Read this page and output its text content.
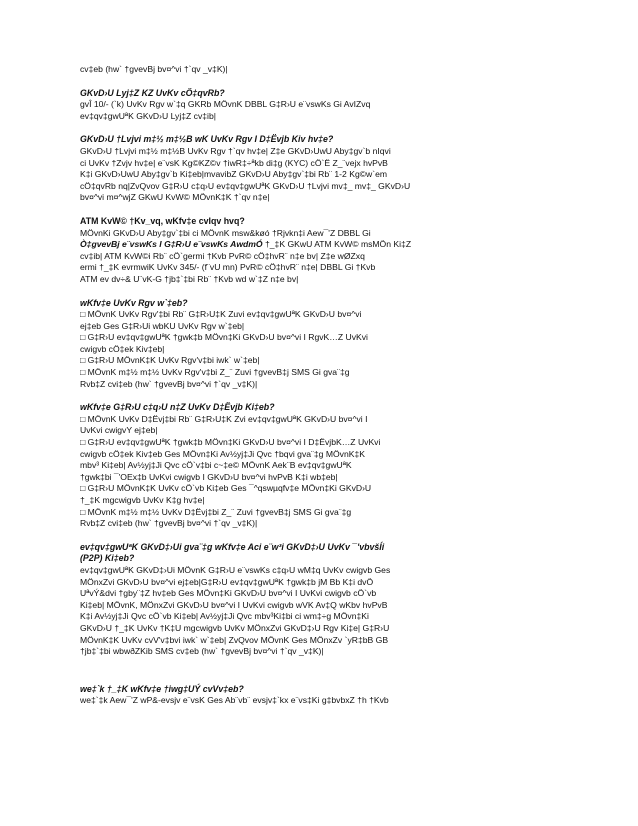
cv‡eb (hw` †gvevBj bv¤^vi †`qv _v‡K)|

GKvD›U Lyj‡Z KZ UvKv cÖ‡qvRb?

gvÎ 10/- (`k) UvKv Rgv w`‡q GKRb MÖvnK DBBL G‡R›U e¨vswKs Gi AvIZvq
ev‡qv‡gwUªK GKvD›U Lyj‡Z cv‡ib|

GKvD›U †Lvjvi m‡½ m‡½B wK UvKv Rgv I D‡Ëvjb Kiv hv‡e?

GKvD›U †Lvjvi m‡½ m‡½B UvKv Rgv †`qv hv‡e| Z‡e GKvD›UwU Aby‡gv`b nIqvi
ci UvKv †Zvjv hv‡e| e¨vsK Kg©KZ©v †iwR‡÷ªkb di‡g (KYC) cÖ`Ë Z_¨vejx hvPvB
K‡i GKvD›UwU Aby‡gv`b Ki‡eb|mvavibZ GKvD›U Aby‡gv`‡bi Rb¨ 1-2 Kg©w`em
cÖ‡qvRb nq|ZvQvov G‡R›U c‡q›U ev‡qv‡gwUªK GKvD›U †Lvjvi mv‡_ mv‡_ GKvD›U
bv¤^vi m¤^wjZ GKwU KvW© MÖvnK‡K †`qv n‡e|

ATM KvW© †Kv_vq, wKfv‡e cvIqv hvq?

MÖvnKi GKvD›U Aby‡gv`‡bi ci MÖvnK msw&køó †Rjvkn‡i Aew¯'Z DBBL Gi
Ò‡gvevBj e¨vswKs I G‡R›U e¨vswKs AwdmÓ †_‡K GKwU ATM KvW© msMÖn Ki‡Z
cv‡ib| ATM KvW©i Rb¨ cÖ`germi †Kvb PvR© cÖ‡hvR¨ n‡e bv| Z‡e wØZxq
ermi †_‡K evrmwiK UvKv 345/- (f¨vU mn) PvR© cÖ‡hvR¨ n‡e| DBBL Gi †Kvb
ATM ev dv÷& U¨vK-G †jb‡`‡bi Rb¨ †Kvb wd w`‡Z n‡e bv|

wKfv‡e UvKv Rgv w`‡eb?

□ MÖvnK UvKv Rgv'‡bi Rb¨ G‡R›U‡K Zuvi ev‡qv‡gwUªK GKvD›U bv¤^vi
ej‡eb Ges G‡R›Ui wbKU UvKv Rgv w`‡eb|
□ G‡R›U ev‡qv‡gwUªK †gwk‡b MÖvn‡Ki GKvD›U bv¤^vi I RgvK…Z UvKvi
cwigvb cÖ‡ek Kiv‡eb|
□ G‡R›U MÖvnK‡K UvKv Rgv'v‡bi iwk` w`‡eb|
□ MÖvnK m‡½ m‡½ UvKv Rgv'v‡bi Z_¨ Zuvi †gvevB‡j SMS Gi gva¨‡g
Rvb‡Z cvi‡eb (hw` †gvevBj bv¤^vi †`qv _v‡K)|

wKfv‡e G‡R›U c‡q›U n‡Z UvKv D‡Ëvjb Ki‡eb?

□ MÖvnK UvKv D‡Ëvj‡bi Rb¨ G‡R›U‡K Zvi ev‡qv‡gwUªK GKvD›U bv¤^vi I
UvKvi cwigvY ej‡eb|
□ G‡R›U ev‡qv‡gwUªK †gwk‡b MÖvn‡Ki GKvD›U bv¤^vi I D‡ËvjbK…Z UvKvi
cwigvb cÖ‡ek Kiv‡eb Ges MÖvn‡Ki Av½yj‡Ji Qvc †bqvi gva¨‡g MÖvnK‡K
mbv³ Ki‡eb| Av½yj‡Ji Qvc cÖ`v‡bi c~‡e© MÖvnK Aek¨B ev‡qv‡gwUªK
†gwk‡bi ¯'OEx‡b UvKvi cwigvb I GKvD›U bv¤^vi hvPvB K‡i wb‡eb|
□ G‡R›U MÖvnK‡K UvKv cÖ`vb Ki‡eb Ges ¯^qswµqfv‡e MÖvn‡Ki GKvD›U
†_‡K mgcwigvb UvKv K‡g hv‡e|
□ MÖvnK m‡½ m‡½ UvKv D‡Ëvj‡bi Z_¨ Zuvi †gvevB‡j SMS Gi gva¨‡g
Rvb‡Z cvi‡eb (hw` †gvevBj bv¤^vi †`qv _v‡K)|

ev‡qv‡gwUªK GKvD‡›Ui gva¨‡g wKfv‡e Aci e¨w³i GKvD‡›U UvKv ¯'vbvšÍi

(P2P) Ki‡eb?

ev‡qv‡gwUªK GKvD‡›Ui MÖvnK G‡R›U e¨vswKs c‡q›U wM‡q UvKv cwigvb Ges
MÖnxZvi GKvD›U bv¤^vi ej‡eb|G‡R›U ev‡qv‡gwUªK †gwk‡b jM Bb K‡i dvÖ
UªvÝ&dvi †gby¨‡Z hv‡eb Ges MÖvn‡Ki GKvD›U bv¤^vi I UvKvi cwigvb cÖ`vb
Ki‡eb| MÖvnK, MÖnxZvi GKvD›U bv¤^vi I UvKvi cwigvb wVK Av‡Q wKbv hvPvB
K‡i Av½yj‡Ji Qvc cÖ`vb Ki‡eb| Av½yj‡Ji Qvc mbv³Ki‡bi ci wm‡÷g MÖvn‡Ki
GKvD›U †_‡K UvKv †K‡U mgcwigvb UvKv MÖnxZvi GKvD‡›U Rgv Ki‡e| G‡R›U
MÖvnK‡K UvKv cvV'v‡bvi iwk` w`‡eb| ZvQvov MÖvnK Ges MÖnxZv `yR‡bB GB
†jb‡`‡bi wbwðZKib SMS cv‡eb (hw` †gvevBj bv¤^vi †`qv _v‡K)|

we‡`k †_‡K wKfv‡e †iwg‡UÝ cvVv‡eb?

we‡`‡k Aew¯'Z wP&-evsjv e¨vsK Ges Ab¨vb¨ evsjv‡`kx e¨vs‡Ki g‡bvbxZ †h †Kvb
